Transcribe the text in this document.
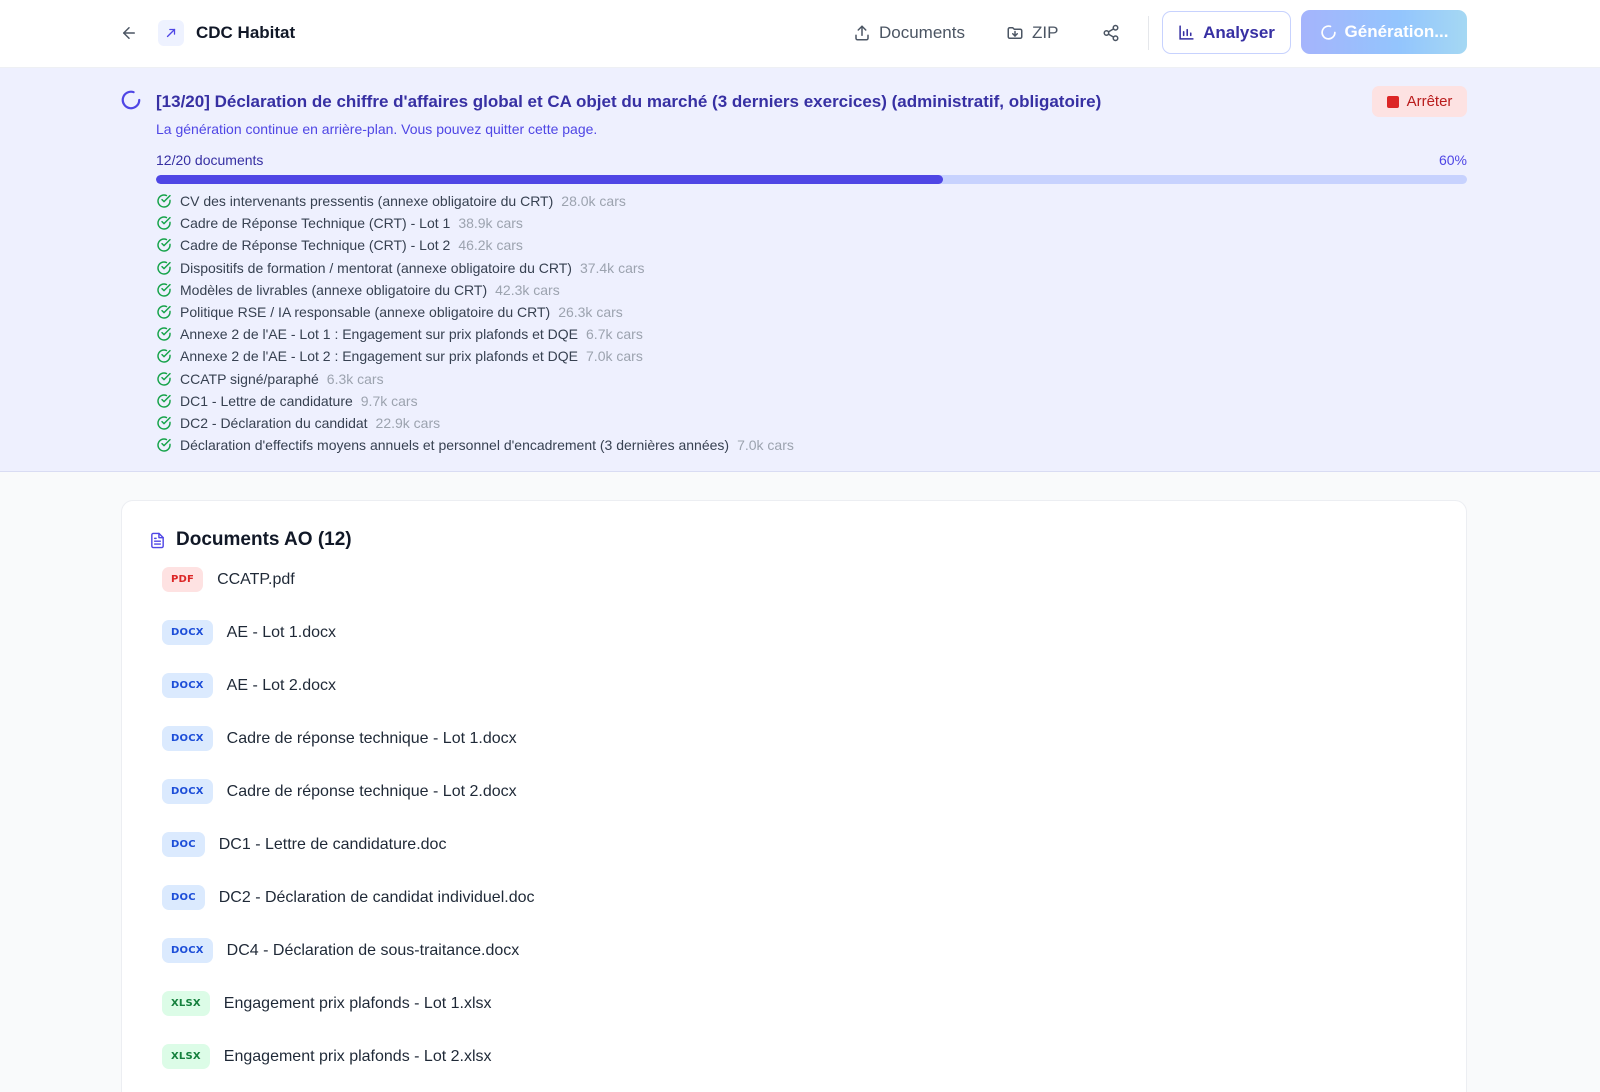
CDC Habitat	Documents	ZIP	Analyser	Génération...
[13/20] Déclaration de chiffre d'affaires global et CA objet du marché (3 derniers exercices) (administratif, obligatoire)	Arrêter
La génération continue en arrière-plan. Vous pouvez quitter cette page.
12/20 documents	60%
CV des intervenants pressentis (annexe obligatoire du CRT) 28.0k cars
Cadre de Réponse Technique (CRT) - Lot 1 38.9k cars
Cadre de Réponse Technique (CRT) - Lot 2 46.2k cars
Dispositifs de formation / mentorat (annexe obligatoire du CRT) 37.4k cars
Modèles de livrables (annexe obligatoire du CRT) 42.3k cars
Politique RSE / IA responsable (annexe obligatoire du CRT) 26.3k cars
Annexe 2 de l'AE - Lot 1 : Engagement sur prix plafonds et DQE 6.7k cars
Annexe 2 de l'AE - Lot 2 : Engagement sur prix plafonds et DQE 7.0k cars
CCATP signé/paraphé 6.3k cars
DC1 - Lettre de candidature 9.7k cars
DC2 - Déclaration du candidat 22.9k cars
Déclaration d'effectifs moyens annuels et personnel d'encadrement (3 dernières années) 7.0k cars
Documents AO (12)
PDF	CCATP.pdf
DOCX	AE - Lot 1.docx
DOCX	AE - Lot 2.docx
DOCX	Cadre de réponse technique - Lot 1.docx
DOCX	Cadre de réponse technique - Lot 2.docx
DOC	DC1 - Lettre de candidature.doc
DOC	DC2 - Déclaration de candidat individuel.doc
DOCX	DC4 - Déclaration de sous-traitance.docx
XLSX	Engagement prix plafonds - Lot 1.xlsx
XLSX	Engagement prix plafonds - Lot 2.xlsx
